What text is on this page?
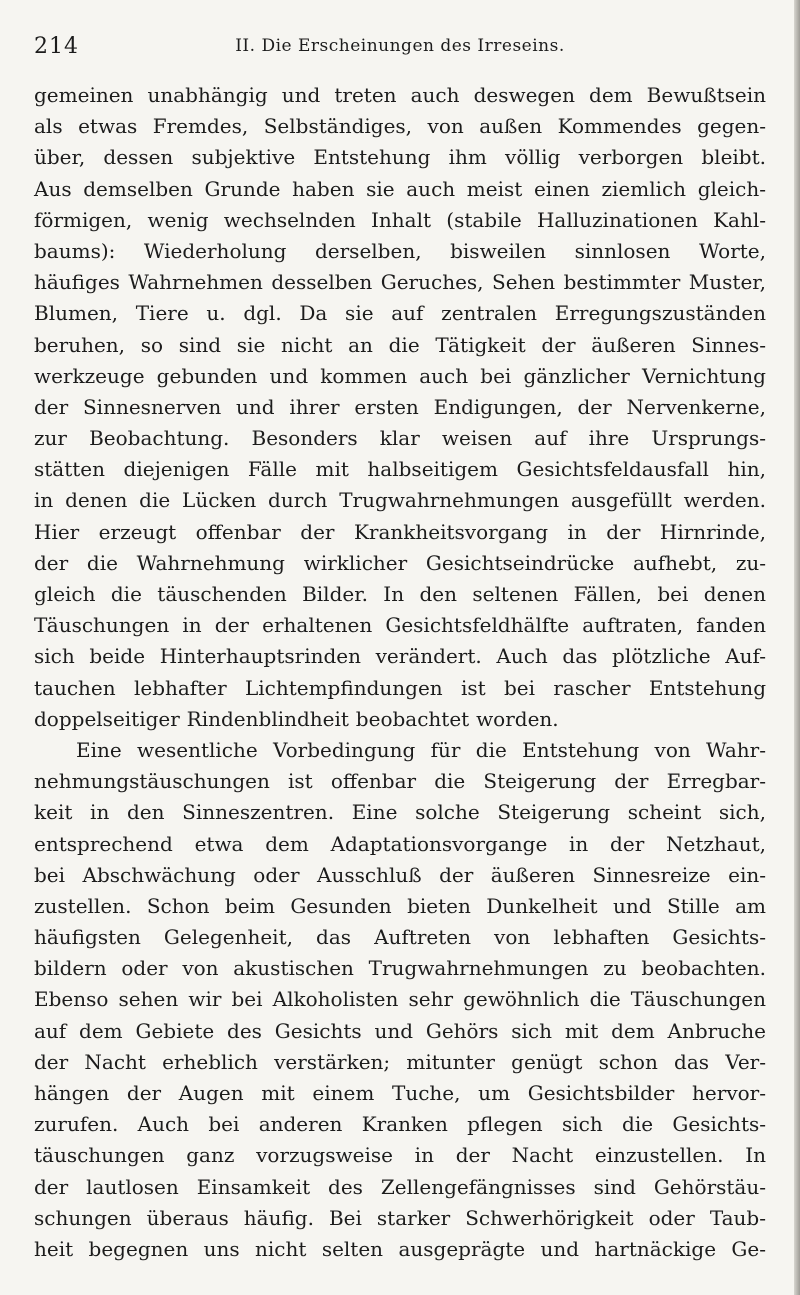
214	II. Die Erscheinungen des Irreseins.
gemeinen unabhängig und treten auch deswegen dem Bewußtsein
als etwas Fremdes, Selbständiges, von außen Kommendes gegen-
über, dessen subjektive Entstehung ihm völlig verborgen bleibt.
Aus demselben Grunde haben sie auch meist einen ziemlich gleich-
förmigen, wenig wechselnden Inhalt (stabile Halluzinationen Kahl-
baums): Wiederholung derselben, bisweilen sinnlosen Worte,
häufiges Wahrnehmen desselben Geruches, Sehen bestimmter Muster,
Blumen, Tiere u. dgl. Da sie auf zentralen Erregungszuständen
beruhen, so sind sie nicht an die Tätigkeit der äußeren Sinnes-
werkzeuge gebunden und kommen auch bei gänzlicher Vernichtung
der Sinnesnerven und ihrer ersten Endigungen, der Nervenkerne,
zur Beobachtung. Besonders klar weisen auf ihre Ursprungs-
stätten diejenigen Fälle mit halbseitigem Gesichtsfeldausfall hin,
in denen die Lücken durch Trugwahrnehmungen ausgefüllt werden.
Hier erzeugt offenbar der Krankheitsvorgang in der Hirnrinde,
der die Wahrnehmung wirklicher Gesichtseindrücke aufhebt, zu-
gleich die täuschenden Bilder. In den seltenen Fällen, bei denen
Täuschungen in der erhaltenen Gesichtsfeldhälfte auftraten, fanden
sich beide Hinterhauptsrinden verändert. Auch das plötzliche Auf-
tauchen lebhafter Lichtempfindungen ist bei rascher Entstehung
doppelseitiger Rindenblindheit beobachtet worden.
Eine wesentliche Vorbedingung für die Entstehung von Wahr-
nehmungstäuschungen ist offenbar die Steigerung der Erregbar-
keit in den Sinneszentren. Eine solche Steigerung scheint sich,
entsprechend etwa dem Adaptationsvorgange in der Netzhaut,
bei Abschwächung oder Ausschluß der äußeren Sinnesreize ein-
zustellen. Schon beim Gesunden bieten Dunkelheit und Stille am
häufigsten Gelegenheit, das Auftreten von lebhaften Gesichts-
bildern oder von akustischen Trugwahrnehmungen zu beobachten.
Ebenso sehen wir bei Alkoholisten sehr gewöhnlich die Täuschungen
auf dem Gebiete des Gesichts und Gehörs sich mit dem Anbruche
der Nacht erheblich verstärken; mitunter genügt schon das Ver-
hängen der Augen mit einem Tuche, um Gesichtsbilder hervor-
zurufen. Auch bei anderen Kranken pflegen sich die Gesichts-
täuschungen ganz vorzugsweise in der Nacht einzustellen. In
der lautlosen Einsamkeit des Zellengefängnisses sind Gehörstäu-
schungen überaus häufig. Bei starker Schwerhörigkeit oder Taub-
heit begegnen uns nicht selten ausgeprägte und hartnäckige Ge-
